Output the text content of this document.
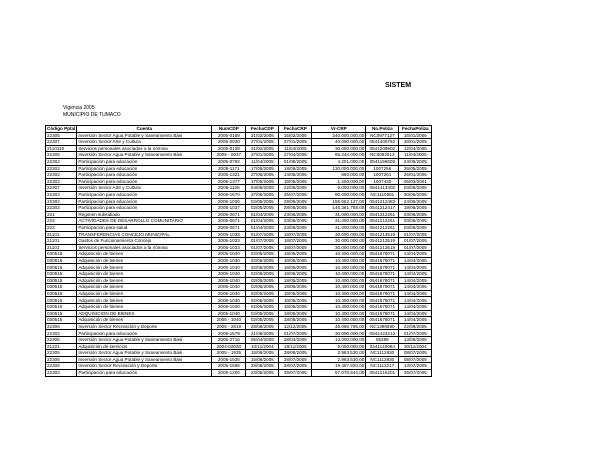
SISTEM
Vigencia 2005
MUNICIPIO DE TUMACO
Código Pptal	Cuenta	NumCDP	FechaCDP	FechaCRP	Vr-CRP	No.Poliza	FechaPoliza
22305	Inversión Sector Agua Potable y Saneamiento Bási	2005-0169	31/02/2005	15/02/2005	240.000.000,00	NC0977127	16/01/2005
22307	Inversión Sector Arte y Cultura	2005-0020	27/01/2005	27/01/2005	40.000.000,00	0541400752	28/01/2005
2110110	Servicios personales asociados a la nómina	2005-0138	31/02/2005	11/04/2005	30.000.000,00	0541209902	12/04/2005
22305	Inversión Sector Agua Potable y Saneamiento Bási	2005 - 0037	27/01/2005	27/04/2005	85.244.000,00	NC0092513	11/04/2005
22302	Participación para educación	2005-0792	11/04/2005	01/06/2005	4.201.000,00	0541196609	24/05/2005
22302	Participación para educación	2005-1171	17/05/2005	18/06/2005	130.000.000,00	1007256	26/05/2005
22302	Participación para educación	2005-1321	27/05/2005	14/06/2005	860.000,00	1007261	26/01/2005
22302	Participación para educación	2005-1377	17/05/2005	18/05/2005	1.200.000,00	1007430	06/03/2001
22307	Inversión Sector Arte y Cultura	2005-1106	04/05/2005	22/05/2005	6.000.000,00	0541413402	03/06/2005
22302	Participación para educación	2005-1670	27/06/2005	25/07/2005	80.000.000,00	NC1110581	30/06/2005
22302	Participación para educación	2005-1036	02/05/2005	29/05/2005	155.652.127,00	0541212483	24/05/2005
22302	Participación para educación	2005-1037	02/05/2005	28/06/2005	146.361.758,00	0541212417	19/06/2005
221	Régimen subsidiado	2005-0671	01/04/2005	23/06/2005	31.000.000,00	0541212261	03/06/2005
223	ACTIVIDADES DE DESARROLLO COMUNITARIO	2005-0671	01/04/2005	23/06/2005	31.000.000,00	0541212261	03/06/2005
223	Participación para salud	2005-0671	01/04/2005	23/06/2005	31.000.000,00	0541212261	03/06/2005
21101	TRANSFERENCIAS CONCEJO MUNICIPAL	2005-1033	01/07/2005	18/07/2005	30.000.000,00	0541213519	01/07/2005
21101	Gastos de Funcionamiento Concejo	2005-1033	01/07/2005	18/07/2005	30.000.000,00	0541213519	01/07/2005
21101	Servicios personales asociados a la nómina	2005-1033	01/07/2005	18/07/2005	30.000.000,00	0541213519	01/07/2005
030515	Adquisición de bienes	2005-1040	02/05/2005	18/05/2005	10.400.000,00	0541678071	14/04/2005
030515	Adquisición de bienes	2005-1040	02/05/2005	18/05/2005	10.400.000,00	0541678071	14/04/2005
030515	Adquisición de bienes	2005-1040	02/05/2005	18/05/2005	10.400.000,00	0541678071	14/04/2005
030515	Adquisición de bienes	2005-1040	02/05/2005	18/05/2005	10.400.000,00	0541678071	14/04/2005
030515	Adquisición de bienes	2005-1040	02/05/2005	18/05/2005	10.400.000,00	0541678071	14/04/2005
030515	Adquisición de bienes	2005-1040	02/05/2005	18/05/2005	10.400.000,00	0541678071	14/04/2005
030515	Adquisición de bienes	2005-1040	02/05/2005	18/05/2005	10.400.000,00	0541678071	14/04/2005
030515	Adquisición de bienes	2005-1040	02/05/2005	18/05/2005	10.400.000,00	0541678071	14/04/2005
030515	Adquisición de bienes	2005-1040	02/05/2005	18/05/2005	10.400.000,00	0541678071	14/04/2005
030515	ADQUISICION DE BIENES	2005-1040	02/05/2005	18/05/2005	10.400.000,00	0541678071	14/04/2005
030515	Adquisición de bienes	2005 - 1040	02/05/2005	18/05/2005	10.400.000,00	0541678071	14/04/2005
22306	Inversión Sector Recreación y Deporte	2005 - 2819	28/08/2005	12/12/2005	45.065.795,00	NC1396690	22/09/2005
22302	Participación para educación	2005-1579	21/06/2005	01/07/2005	30.000.000,00	0541424213	01/07/2005
22305	Inversión Sector Agua Potable y Saneamiento Bási	2005-2716	05/04/2005	28/04/2005	13.000.000,00	55389	13/06/2005
21221	Adquisición de servicios	2004-02030	10/11/2004	18/11/2005	6.000.000,00	0441140064	30/11/2004
22305	Inversión Sector Agua Potable y Saneamiento Bási	2005 - 1535	15/06/2005	28/08/2005	2.963.530,00	NC1112830	08/07/2005
22305	Inversión Sector Agua Potable y Saneamiento Bási	2005-1535	15/06/2005	28/07/2005	2.963.530,00	NC1112830	08/07/2005
22306	Inversión Sector Recreación y Deporte	2005-1695	28/06/2005	28/07/2005	19.497.820,00	NC1113217	13/07/2005
22302	Participación para educación	2005-1200	23/05/2005	28/07/2005	57.078.544,00	0541216201	26/07/2005
